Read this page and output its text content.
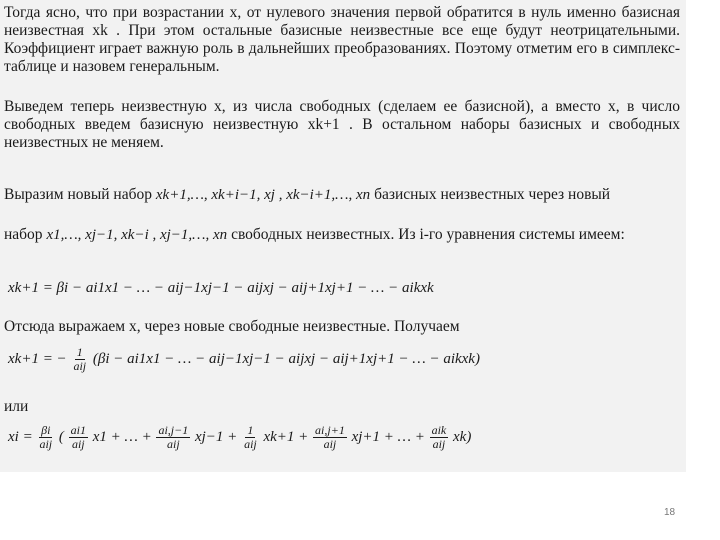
Тогда ясно, что при возрастании x, от нулевого значения первой обратится в нуль именно базисная неизвестная xk . При этом остальные базисные неизвестные все еще будут неотрицательными. Коэффициент играет важную роль в дальнейших преобразованиях. Поэтому отметим его в симплекс-таблице и назовем генеральным.
Выведем теперь неизвестную x, из числа свободных (сделаем ее базисной), а вместо x, в число свободных введем базисную неизвестную xk+1 . В остальном наборы базисных и свободных неизвестных не меняем.
Выразим новый набор xk+1,…, xk+i−1, xj , xk−i+1,…, xn базисных неизвестных через новый
набор x1,…, xj−1, xk−i , xj−1,…, xn свободных неизвестных. Из i-го уравнения системы имеем:
xk+1 = βi − ai1x1 − … − aij−1xj−1 − aijxj − aij+1xj+1 − … − aikxk
Отсюда выражаем x, через новые свободные неизвестные. Получаем
xk+1 = − 1
aij (βi − ai1x1 − … − aij−1xj−1 − aijxj − aij+1xj+1 − … − aikxk)
или
xi = βi
aij ( ai1
aij x1 + … + ai,j−1
aij xj−1 + 1
aij xk+1 + ai,j+1
aij xj+1 + … + aik
aij xk)
18
